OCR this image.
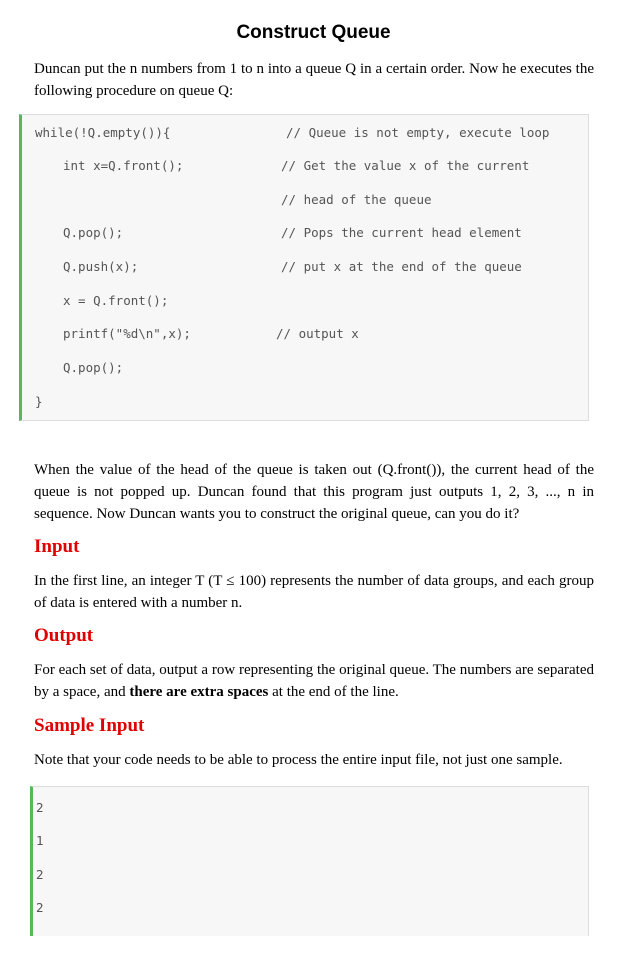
Construct Queue
Duncan put the n numbers from 1 to n into a queue Q in a certain order. Now he executes the following procedure on queue Q:
while(!Q.empty()){	// Queue is not empty, execute loop
int x=Q.front();	// Get the value x of the current
// head of the queue
Q.pop();	// Pops the current head element
Q.push(x);	// put x at the end of the queue
x = Q.front();
printf("%d\n",x);	// output x
Q.pop();
}
When the value of the head of the queue is taken out (Q.front()), the current head of the queue is not popped up. Duncan found that this program just outputs 1, 2, 3, ..., n in sequence. Now Duncan wants you to construct the original queue, can you do it?
Input
In the first line, an integer T (T ≤ 100) represents the number of data groups, and each group of data is entered with a number n.
Output
For each set of data, output a row representing the original queue. The numbers are separated by a space, and there are extra spaces at the end of the line.
Sample Input
Note that your code needs to be able to process the entire input file, not just one sample.
2
1
2
2
